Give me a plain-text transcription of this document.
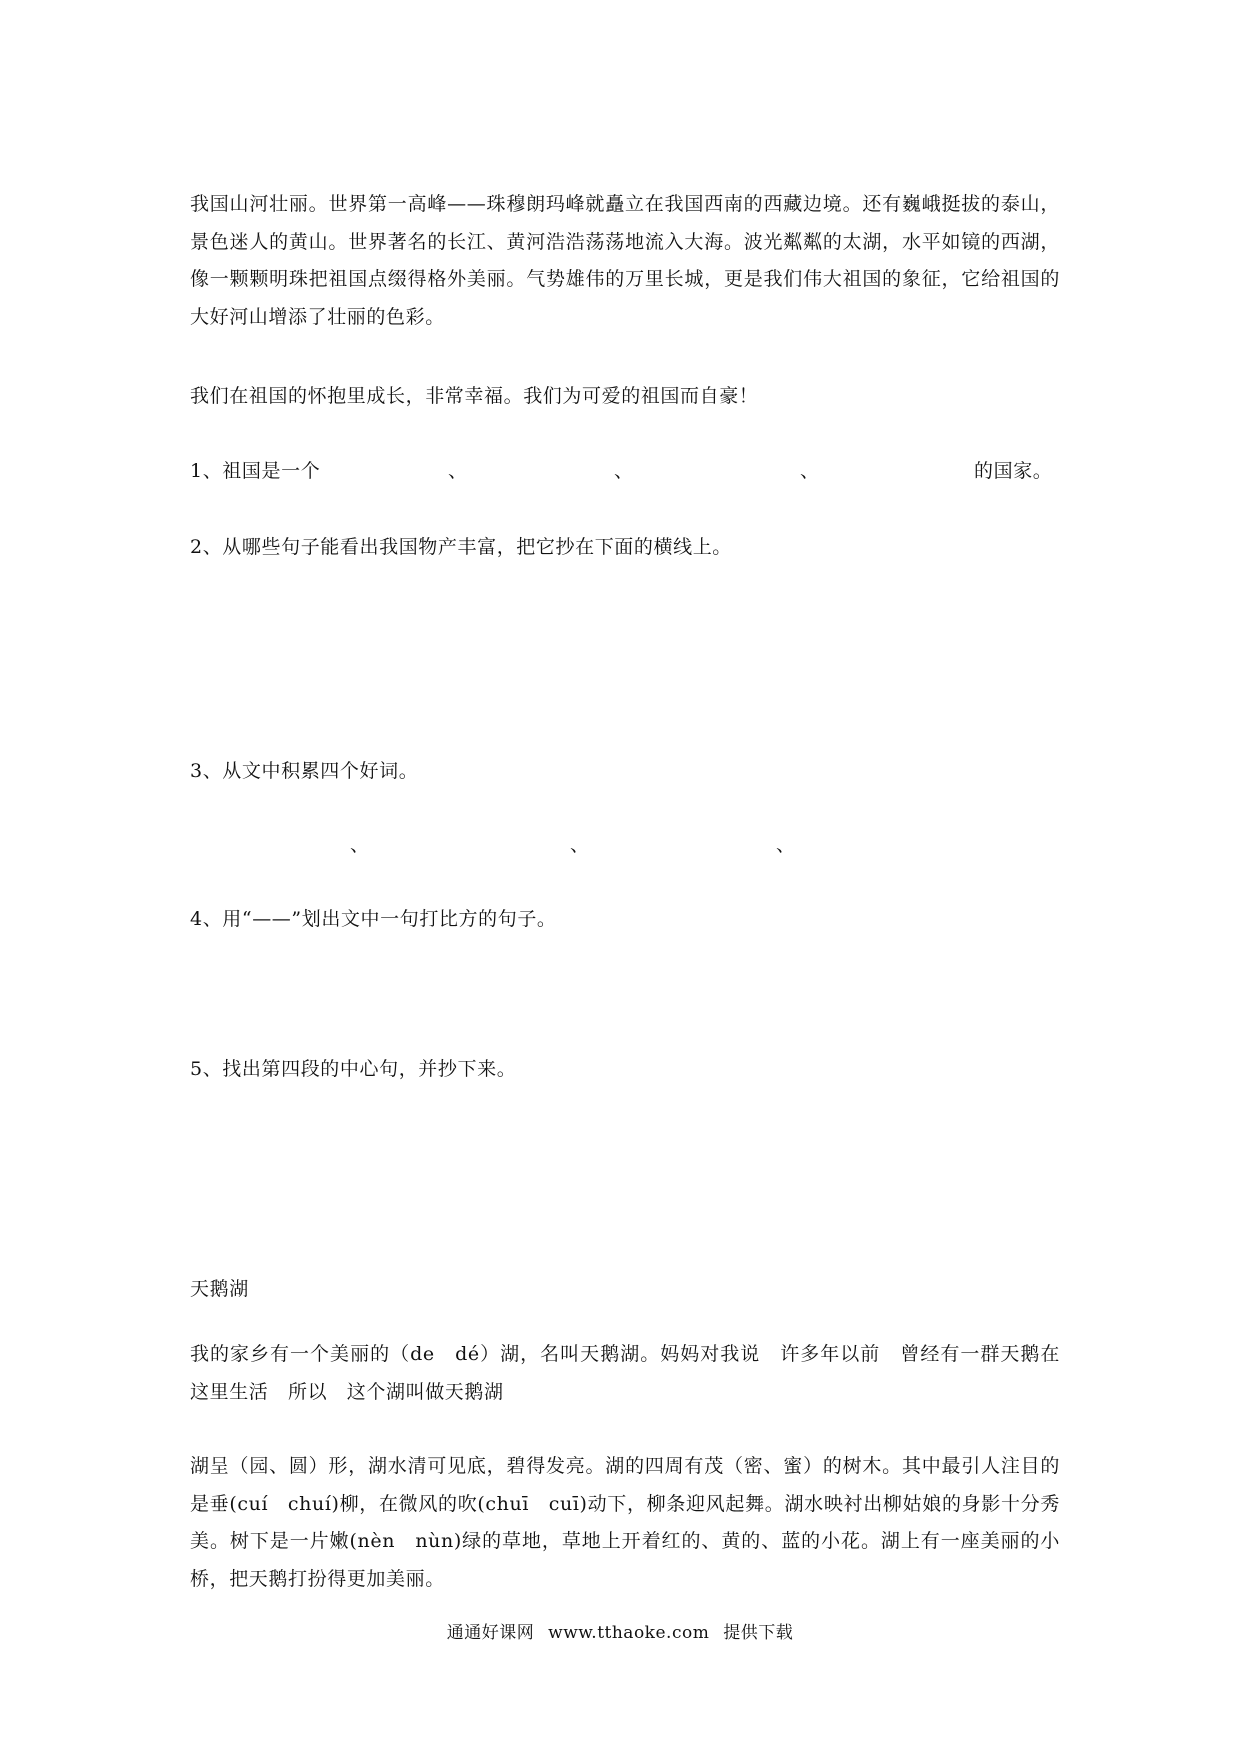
我国山河壮丽。世界第一高峰——珠穆朗玛峰就矗立在我国西南的西藏边境。还有巍峨挺拔的泰山，景色迷人的黄山。世界著名的长江、黄河浩浩荡荡地流入大海。波光粼粼的太湖，水平如镜的西湖，像一颗颗明珠把祖国点缀得格外美丽。气势雄伟的万里长城，更是我们伟大祖国的象征，它给祖国的大好河山增添了壮丽的色彩。

我们在祖国的怀抱里成长，非常幸福。我们为可爱的祖国而自豪！

1、祖国是一个	、	、	、	的国家。
2、从哪些句子能看出我国物产丰富，把它抄在下面的横线上。
3、从文中积累四个好词。
、	、	、
4、用“——”划出文中一句打比方的句子。
5、找出第四段的中心句，并抄下来。
天鹅湖

我的家乡有一个美丽的（de　dé）湖，名叫天鹅湖。妈妈对我说　许多年以前　曾经有一群天鹅在这里生活　所以　这个湖叫做天鹅湖

湖呈（园、圆）形，湖水清可见底，碧得发亮。湖的四周有茂（密、蜜）的树木。其中最引人注目的是垂(cuí　chuí)柳，在微风的吹(chuī　cuī)动下，柳条迎风起舞。湖水映衬出柳姑娘的身影十分秀美。树下是一片嫩(nèn　nùn)绿的草地，草地上开着红的、黄的、蓝的小花。湖上有一座美丽的小桥，把天鹅打扮得更加美丽。

通通好课网 www.tthaoke.com 提供下载
